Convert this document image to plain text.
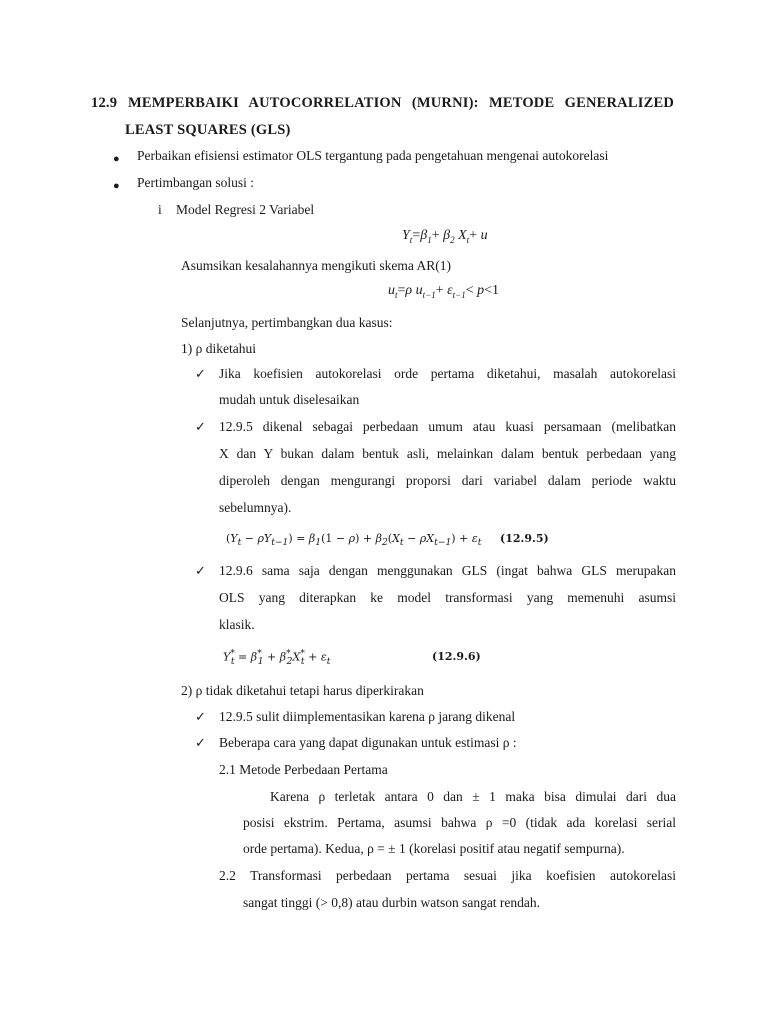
12.9 MEMPERBAIKI AUTOCORRELATION (MURNI): METODE GENERALIZED
LEAST SQUARES (GLS)
● Perbaikan efisiensi estimator OLS tergantung pada pengetahuan mengenai autokorelasi
● Pertimbangan solusi :
i Model Regresi 2 Variabel
$Y_t=\beta_1+ \beta_2$ $X_t+ u$
Asumsikan kesalahannya mengikuti skema AR(1)
$u_t=\rho$ $u_{t-1}+ \varepsilon_{t-1}< p<1$
Selanjutnya, pertimbangkan dua kasus:
1) ρ diketahui
✓ Jika koefisien autokorelasi orde pertama diketahui, masalah autokorelasi
mudah untuk diselesaikan
✓ 12.9.5 dikenal sebagai perbedaan umum atau kuasi persamaan (melibatkan
X dan Y bukan dalam bentuk asli, melainkan dalam bentuk perbedaan yang
diperoleh dengan mengurangi proporsi dari variabel dalam periode waktu
sebelumnya).
$(Y_t - \rho Y_{t-1}) = \beta_1(1 - \rho) + \beta_2(X_t - \rho X_{t-1}) + \varepsilon_t$ (12.9.5)
✓ 12.9.6 sama saja dengan menggunakan GLS (ingat bahwa GLS merupakan
OLS yang diterapkan ke model transformasi yang memenuhi asumsi
klasik.
$Y^*_t = \beta^*_1 + \beta^*_2X^*_t + \varepsilon_t$	(12.9.6)
2) ρ tidak diketahui tetapi harus diperkirakan
✓ 12.9.5 sulit diimplementasikan karena ρ jarang dikenal
✓ Beberapa cara yang dapat digunakan untuk estimasi ρ :
2.1 Metode Perbedaan Pertama
Karena ρ terletak antara 0 dan ± 1 maka bisa dimulai dari dua
posisi ekstrim. Pertama, asumsi bahwa ρ =0 (tidak ada korelasi serial
orde pertama). Kedua, ρ = ± 1 (korelasi positif atau negatif sempurna).
2.2 Transformasi perbedaan pertama sesuai jika koefisien autokorelasi
sangat tinggi (> 0,8) atau durbin watson sangat rendah.
